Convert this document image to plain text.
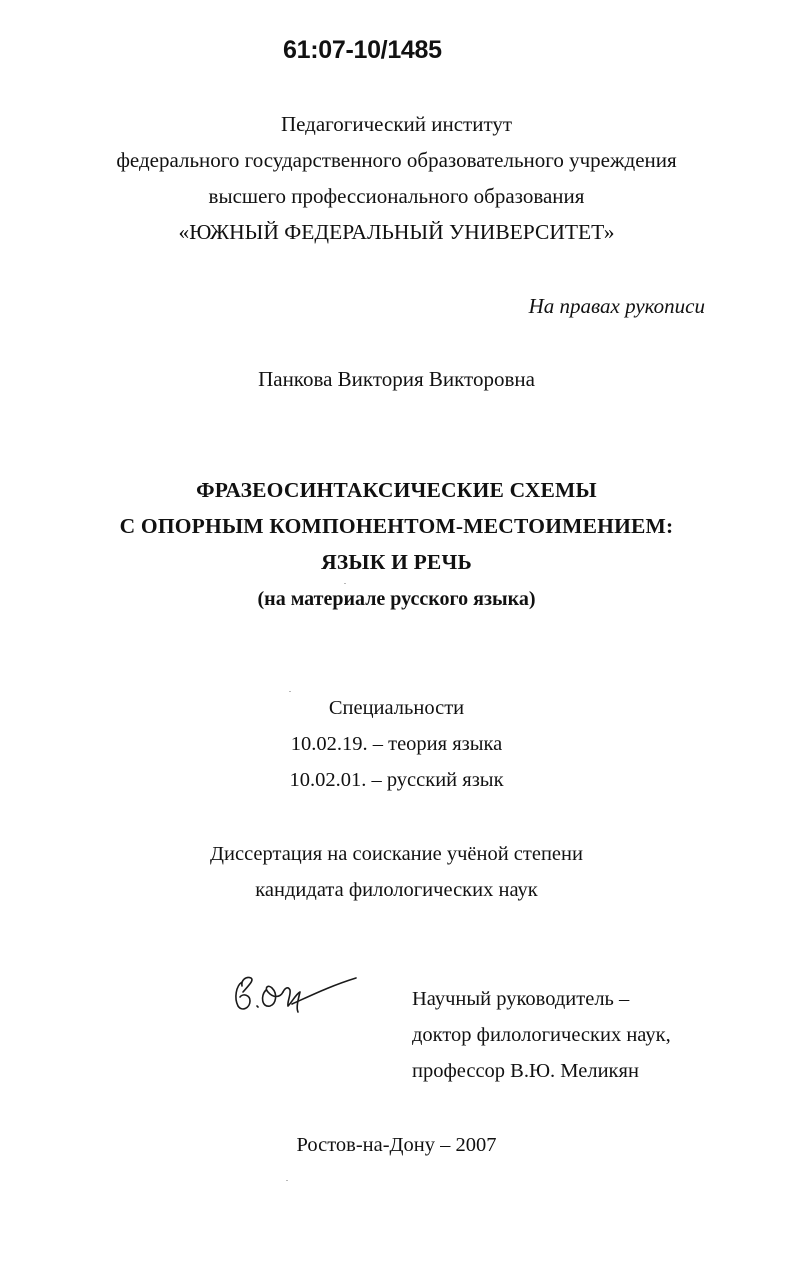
61:07-10/1485
Педагогический институт
федерального государственного образовательного учреждения
высшего профессионального образования
«ЮЖНЫЙ ФЕДЕРАЛЬНЫЙ УНИВЕРСИТЕТ»
На правах рукописи
Панкова Виктория Викторовна
ФРАЗЕОСИНТАКСИЧЕСКИЕ СХЕМЫ
С ОПОРНЫМ КОМПОНЕНТОМ-МЕСТОИМЕНИЕМ:
ЯЗЫК И РЕЧЬ
(на материале русского языка)
Специальности
10.02.19. – теория языка
10.02.01. – русский язык
Диссертация на соискание учёной степени
кандидата филологических наук
Научный руководитель –
доктор филологических наук,
профессор В.Ю. Меликян
Ростов-на-Дону – 2007
